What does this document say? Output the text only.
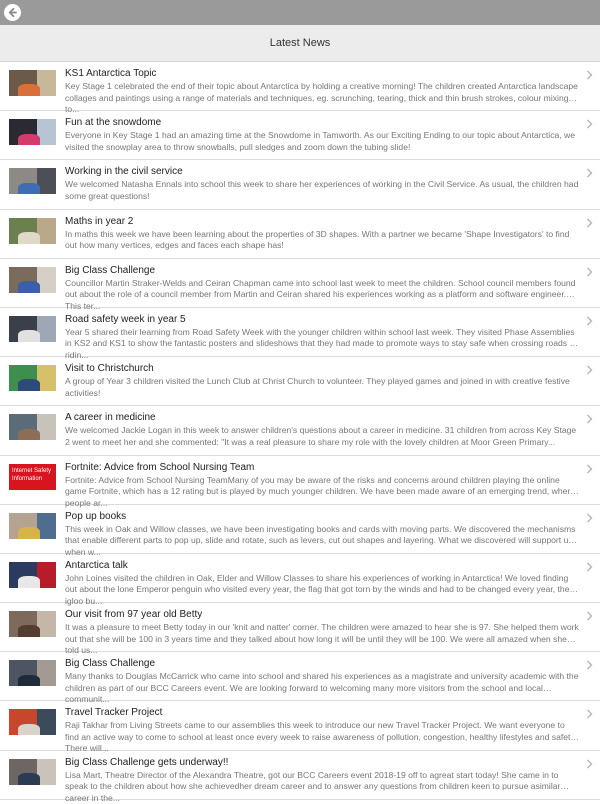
Latest News
KS1 Antarctica Topic
Key Stage 1 celebrated the end of their topic about Antarctica by holding a creative morning! The children created Antarctica landscape collages and paintings using a range of materials and techniques, eg. scrunching, tearing, thick and thin brush strokes, colour mixing to...
Fun at the snowdome
Everyone in Key Stage 1 had an amazing time at the Snowdome in Tamworth. As our Exciting Ending to our topic about Antarctica, we visited the snowplay area to throw snowballs, pull sledges and zoom down the tubing slide!
Working in the civil service
We welcomed Natasha Ennals into school this week to share her experiences of working in the Civil Service. As usual, the children had some great questions!
Maths in year 2
In maths this week we have been learning about the properties of 3D shapes. With a partner we became 'Shape Investigators' to find out how many vertices, edges and faces each shape has!
Big Class Challenge
Councillor Martin Straker-Welds and Ceiran Chapman came into school last week to meet the children. School council members found out about the role of a council member from Martin and Ceiran shared his experiences working as a platform and software engineer. This ter...
Road safety week in year 5
Year 5 shared their learning from Road Safety Week with the younger children within school last week. They visited Phase Assemblies in KS2 and KS1 to show the fantastic posters and slideshows that they had made to promote ways to stay safe when crossing roads or ridin...
Visit to Christchurch
A group of Year 3 children visited the Lunch Club at Christ Church to volunteer. They played games and joined in with creative festive activities!
A career in medicine
We welcomed Jackie Logan in this week to answer children's questions about a career in medicine. 31 children from across Key Stage 2 went to meet her and she commented: "It was a real pleasure to share my role with the lovely children at Moor Green Primary...
Internet Safety Information
Fortnite: Advice from School Nursing Team
Fortnite: Advice from School Nursing TeamMany of you may be aware of the risks and concerns around children playing the online game Fortnite, which has a 12 rating but is played by much younger children. We have been made aware of an emerging trend, where people ar...
Pop up books
This week in Oak and Willow classes, we have been investigating books and cards with moving parts. We discovered the mechanisms that enable different parts to pop up, slide and rotate, such as levers, cut out shapes and layering. What we discovered will support us when w...
Antarctica talk
John Loines visited the children in Oak, Elder and Willow Classes to share his experiences of working in Antarctica! We loved finding out about the lone Emperor penguin who visited every year, the flag that got torn by the winds and had to be changed every year, the igloo bu...
Our visit from 97 year old Betty
It was a pleasure to meet Betty today in our 'knit and natter' corner. The children were amazed to hear she is 97. She helped them work out that she will be 100 in 3 years time and they talked about how long it will be until they will be 100. We were all amazed when she told us...
Big Class Challenge
Many thanks to Douglas McCarrick who came into school and shared his experiences as a magistrate and university academic with the children as part of our BCC Careers event. We are looking forward to welcoming many more visitors from the school and local communit...
Travel Tracker Project
Raji Takhar from Living Streets came to our assemblies this week to introduce our new Travel Tracker Project. We want everyone to find an active way to come to school at least once every week to raise awareness of pollution, congestion, healthy lifestyles and safety. There will...
Big Class Challenge gets underway!!
Lisa Mart, Theatre Director of the Alexandra Theatre, got our BCC Careers event 2018-19 off to agreat start today! She came in to speak to the children about how she achievedher dream career and to answer any questions from children keen to pursue asimilar career in the...
